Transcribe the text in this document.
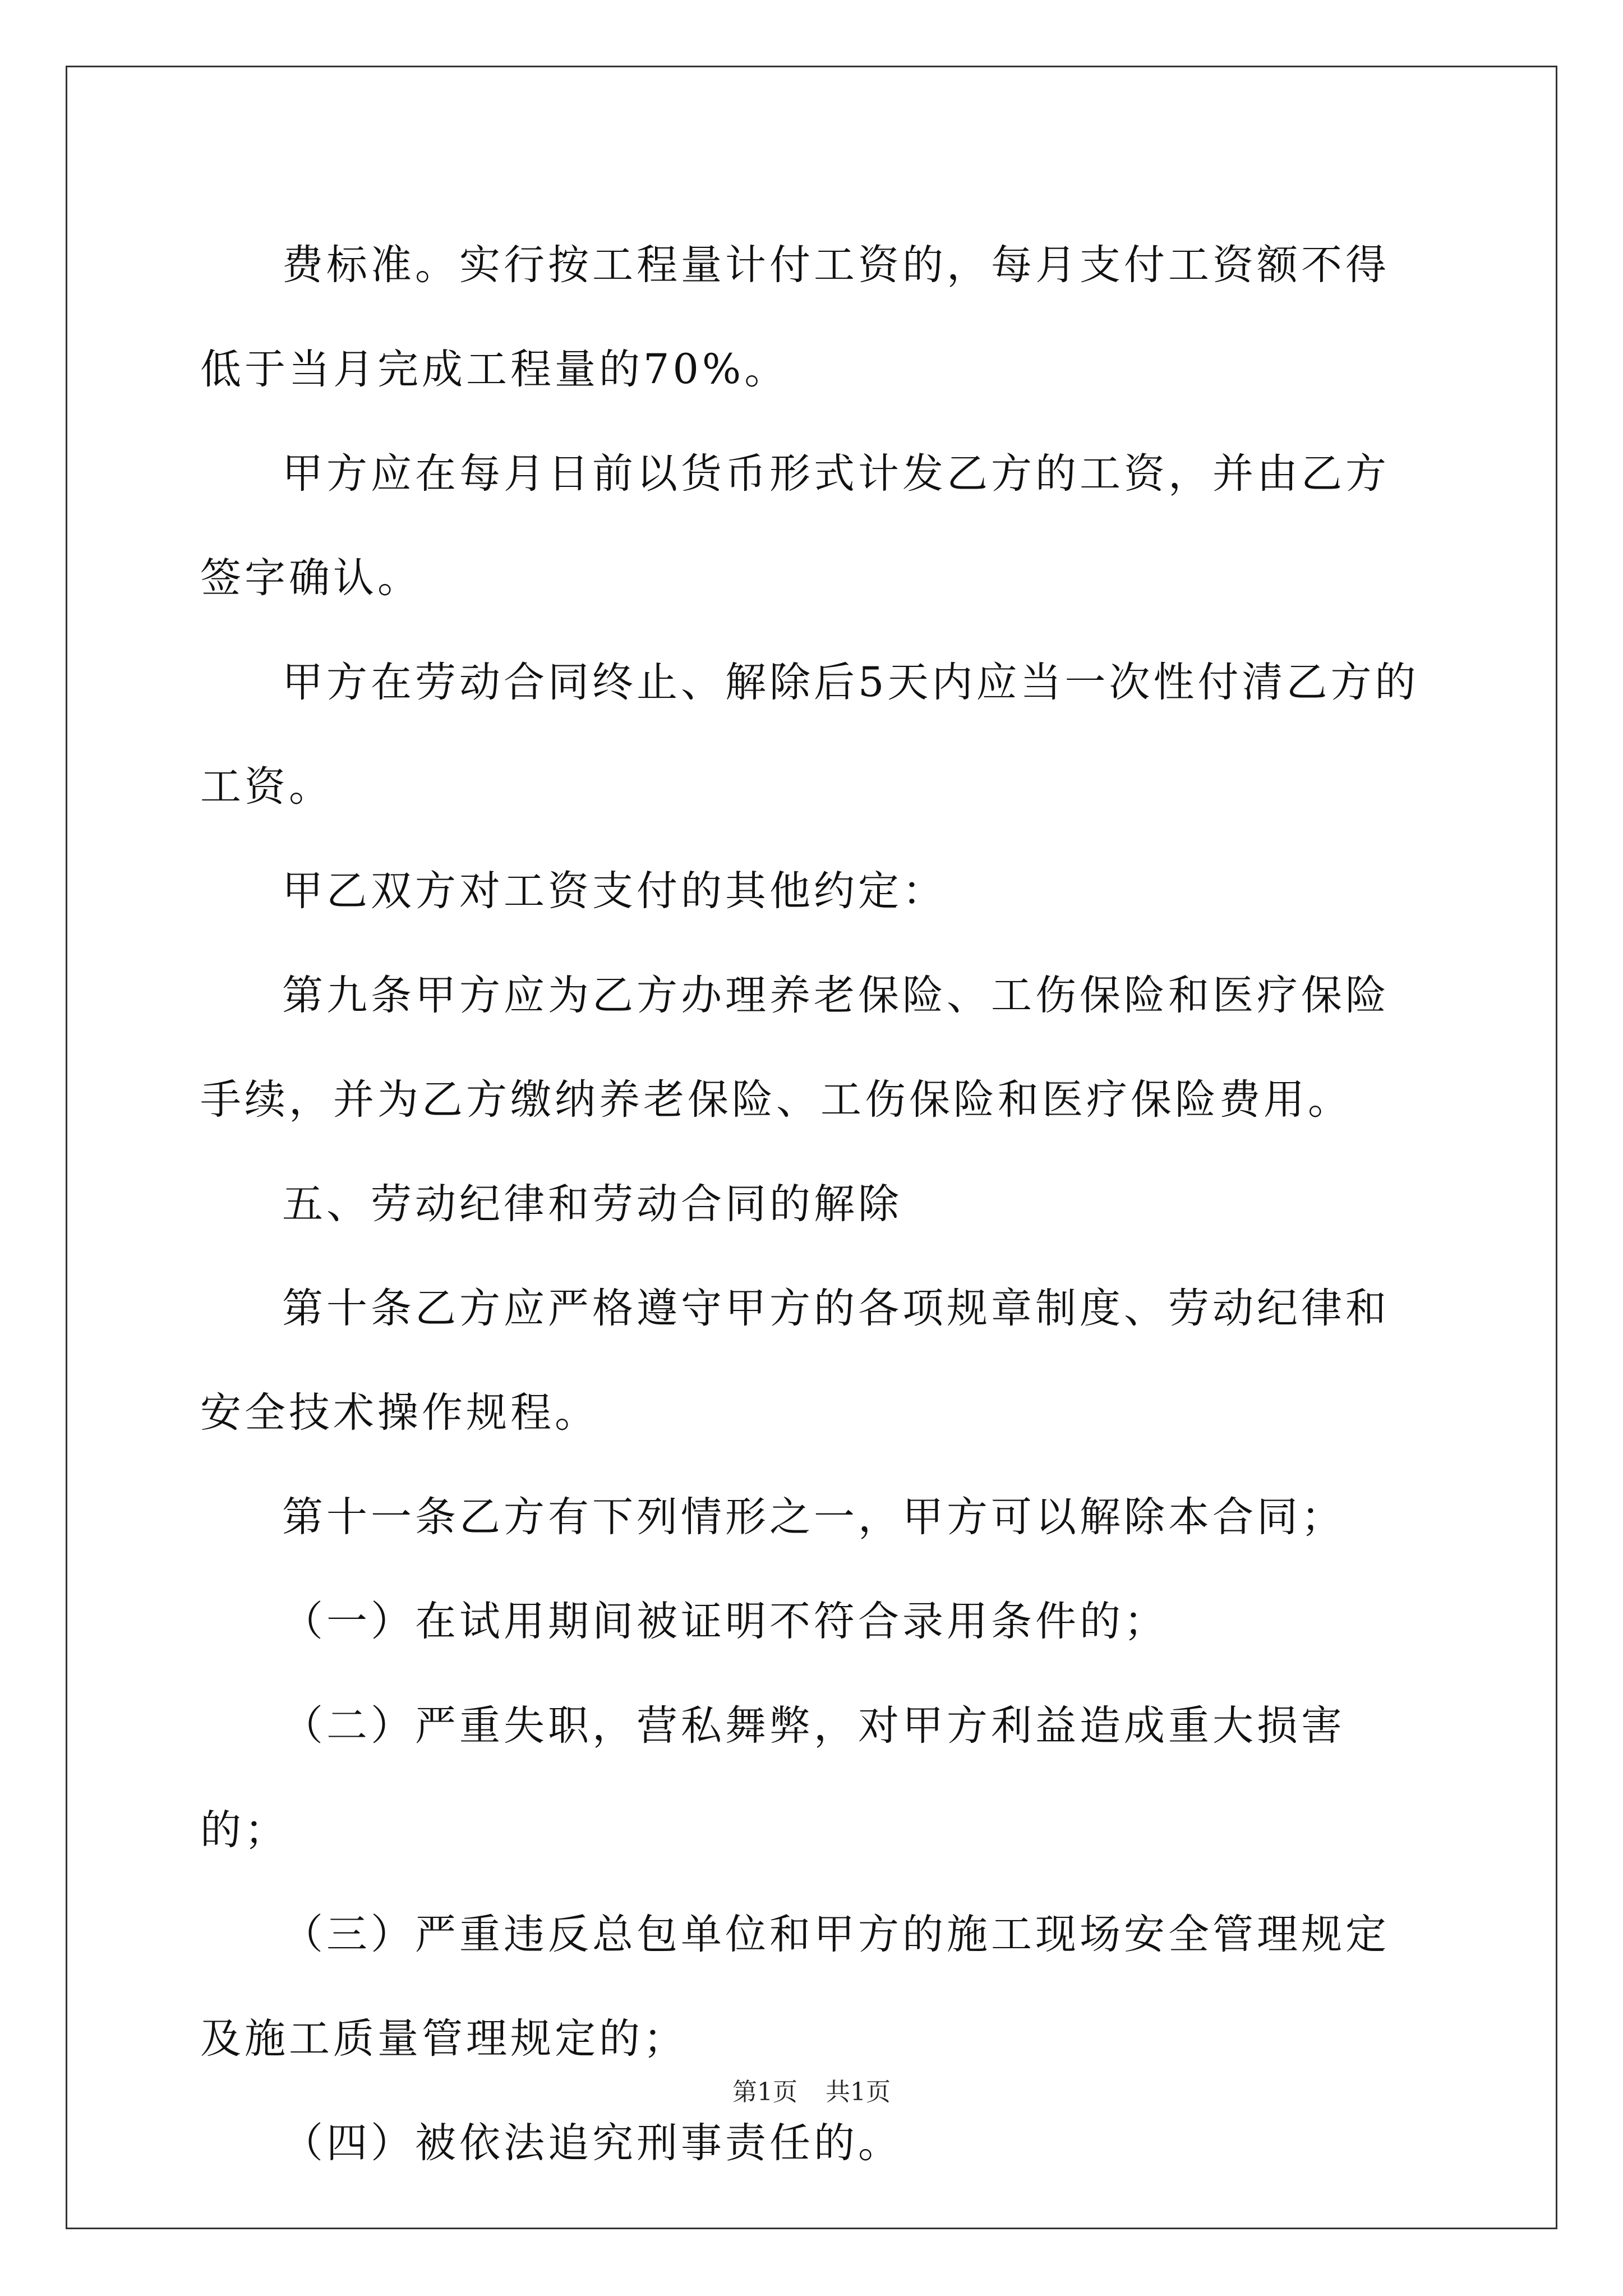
费标准。实行按工程量计付工资的，每月支付工资额不得低于当月完成工程量的70%。

甲方应在每月日前以货币形式计发乙方的工资，并由乙方签字确认。

甲方在劳动合同终止、解除后5天内应当一次性付清乙方的工资。

甲乙双方对工资支付的其他约定：

第九条甲方应为乙方办理养老保险、工伤保险和医疗保险手续，并为乙方缴纳养老保险、工伤保险和医疗保险费用。

五、劳动纪律和劳动合同的解除

第十条乙方应严格遵守甲方的各项规章制度、劳动纪律和安全技术操作规程。

第十一条乙方有下列情形之一，甲方可以解除本合同；

（一）在试用期间被证明不符合录用条件的；

（二）严重失职，营私舞弊，对甲方利益造成重大损害的；

（三）严重违反总包单位和甲方的施工现场安全管理规定及施工质量管理规定的；

（四）被依法追究刑事责任的。

第1页 共1页
